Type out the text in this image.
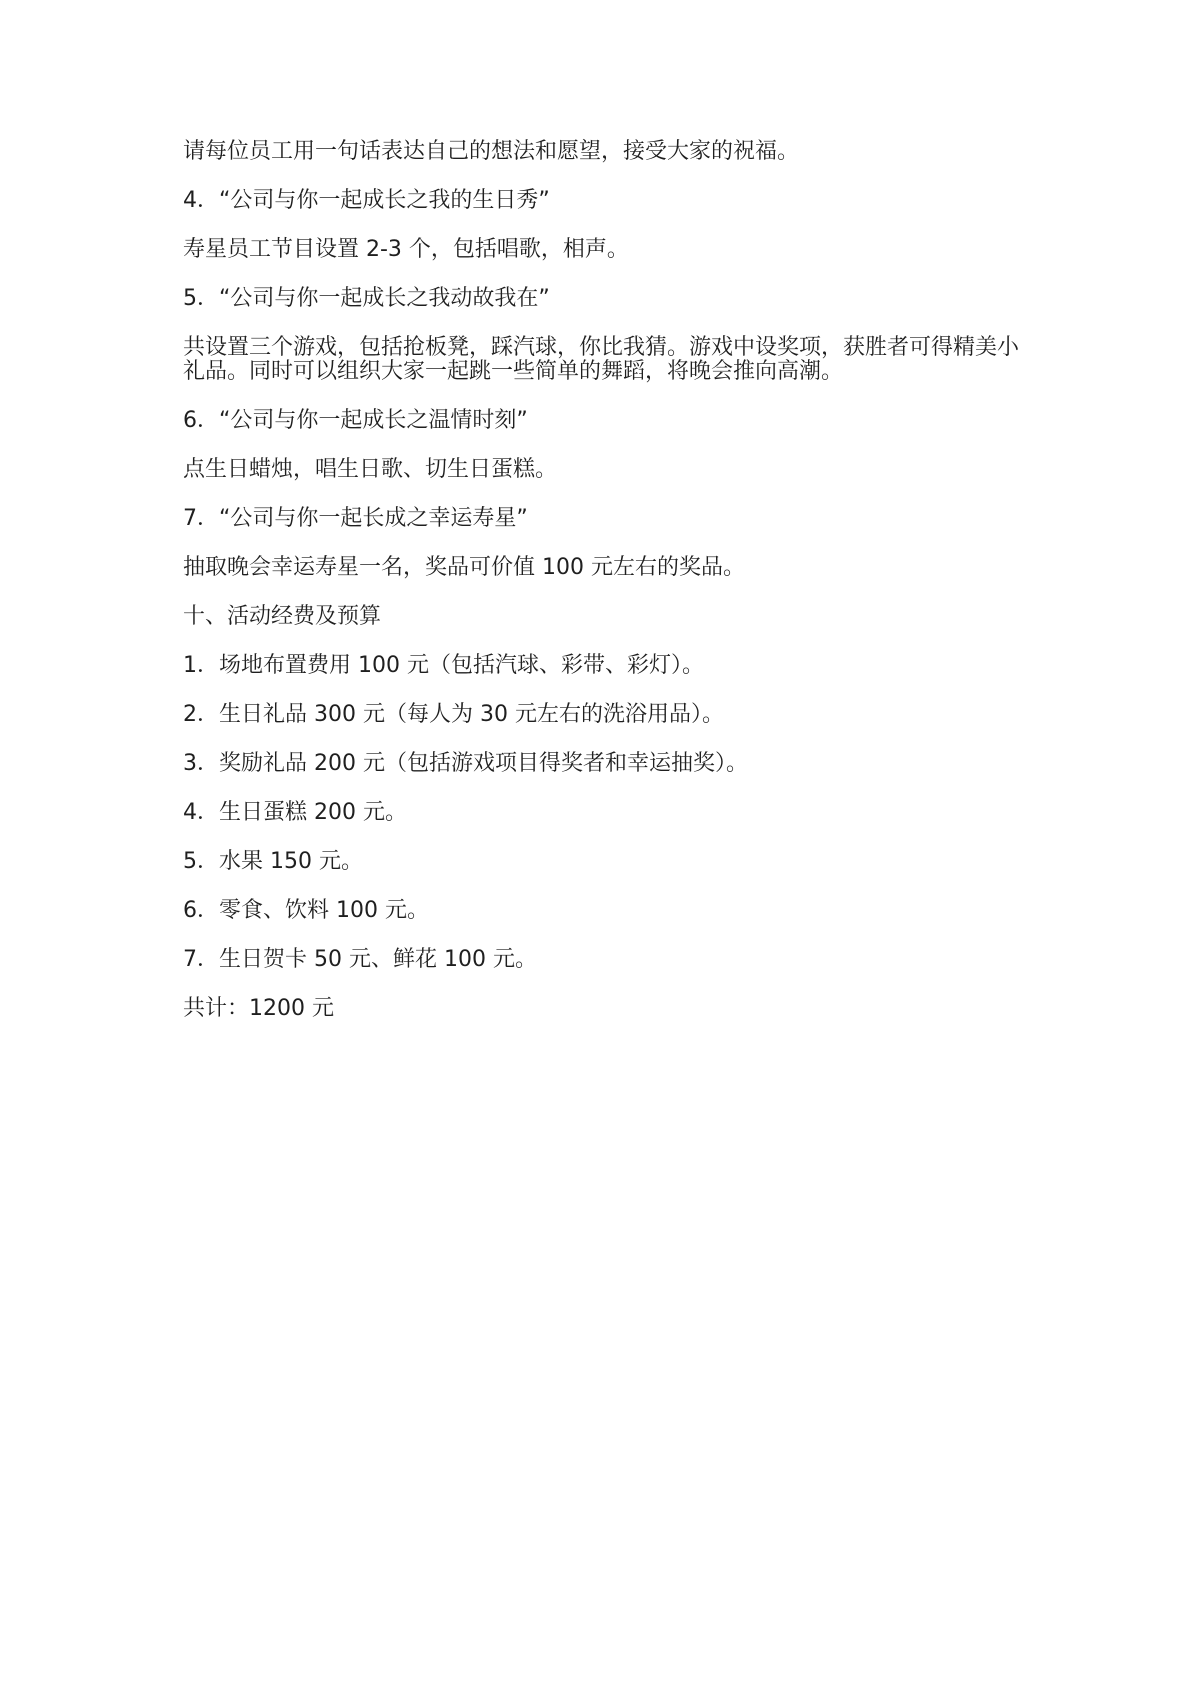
请每位员工用一句话表达自己的想法和愿望，接受大家的祝福。

4．“公司与你一起成长之我的生日秀”

寿星员工节目设置 2-3 个，包括唱歌，相声。

5．“公司与你一起成长之我动故我在”

共设置三个游戏，包括抢板凳，踩汽球，你比我猜。游戏中设奖项，获胜者可得精美小礼品。同时可以组织大家一起跳一些简单的舞蹈，将晚会推向高潮。

6．“公司与你一起成长之温情时刻”

点生日蜡烛，唱生日歌、切生日蛋糕。

7．“公司与你一起长成之幸运寿星”

抽取晚会幸运寿星一名，奖品可价值 100 元左右的奖品。

十、活动经费及预算

1．场地布置费用 100 元（包括汽球、彩带、彩灯）。

2．生日礼品 300 元（每人为 30 元左右的洗浴用品）。

3．奖励礼品 200 元（包括游戏项目得奖者和幸运抽奖）。

4．生日蛋糕 200 元。

5．水果 150 元。

6．零食、饮料 100 元。

7．生日贺卡 50 元、鲜花 100 元。

共计：1200 元
